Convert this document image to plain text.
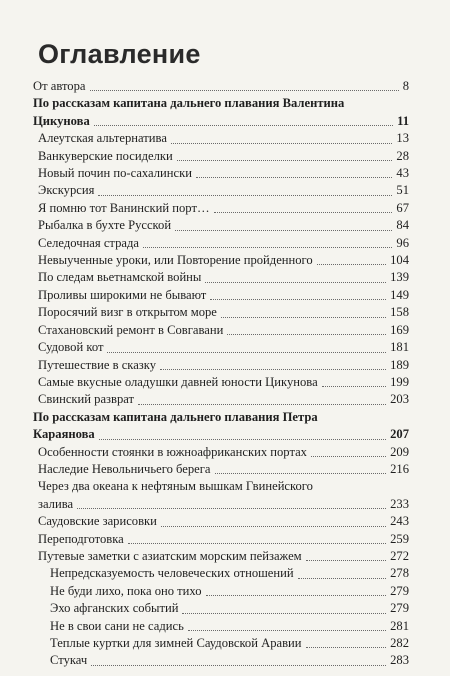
Оглавление
От автора	8
По рассказам капитана дальнего плавания Валентина
Цикунова	11
Алеутская альтернатива	13
Ванкуверские посиделки	28
Новый почин по-сахалински	43
Экскурсия	51
Я помню тот Ванинский порт…	67
Рыбалка в бухте Русской	84
Селедочная страда	96
Невыученные уроки, или Повторение пройденного	104
По следам вьетнамской войны	139
Проливы широкими не бывают	149
Поросячий визг в открытом море	158
Стахановский ремонт в Совгавани	169
Судовой кот	181
Путешествие в сказку	189
Самые вкусные оладушки давней юности Цикунова	199
Свинский разврат	203
По рассказам капитана дальнего плавания Петра
Караянова	207
Особенности стоянки в южноафриканских портах	209
Наследие Невольничьего берега	216
Через два океана к нефтяным вышкам Гвинейского
залива	233
Саудовские зарисовки	243
Переподготовка	259
Путевые заметки с азиатским морским пейзажем	272
Непредсказуемость человеческих отношений	278
Не буди лихо, пока оно тихо	279
Эхо афганских событий	279
Не в свои сани не садись	281
Теплые куртки для зимней Саудовской Аравии	282
Стукач	283
